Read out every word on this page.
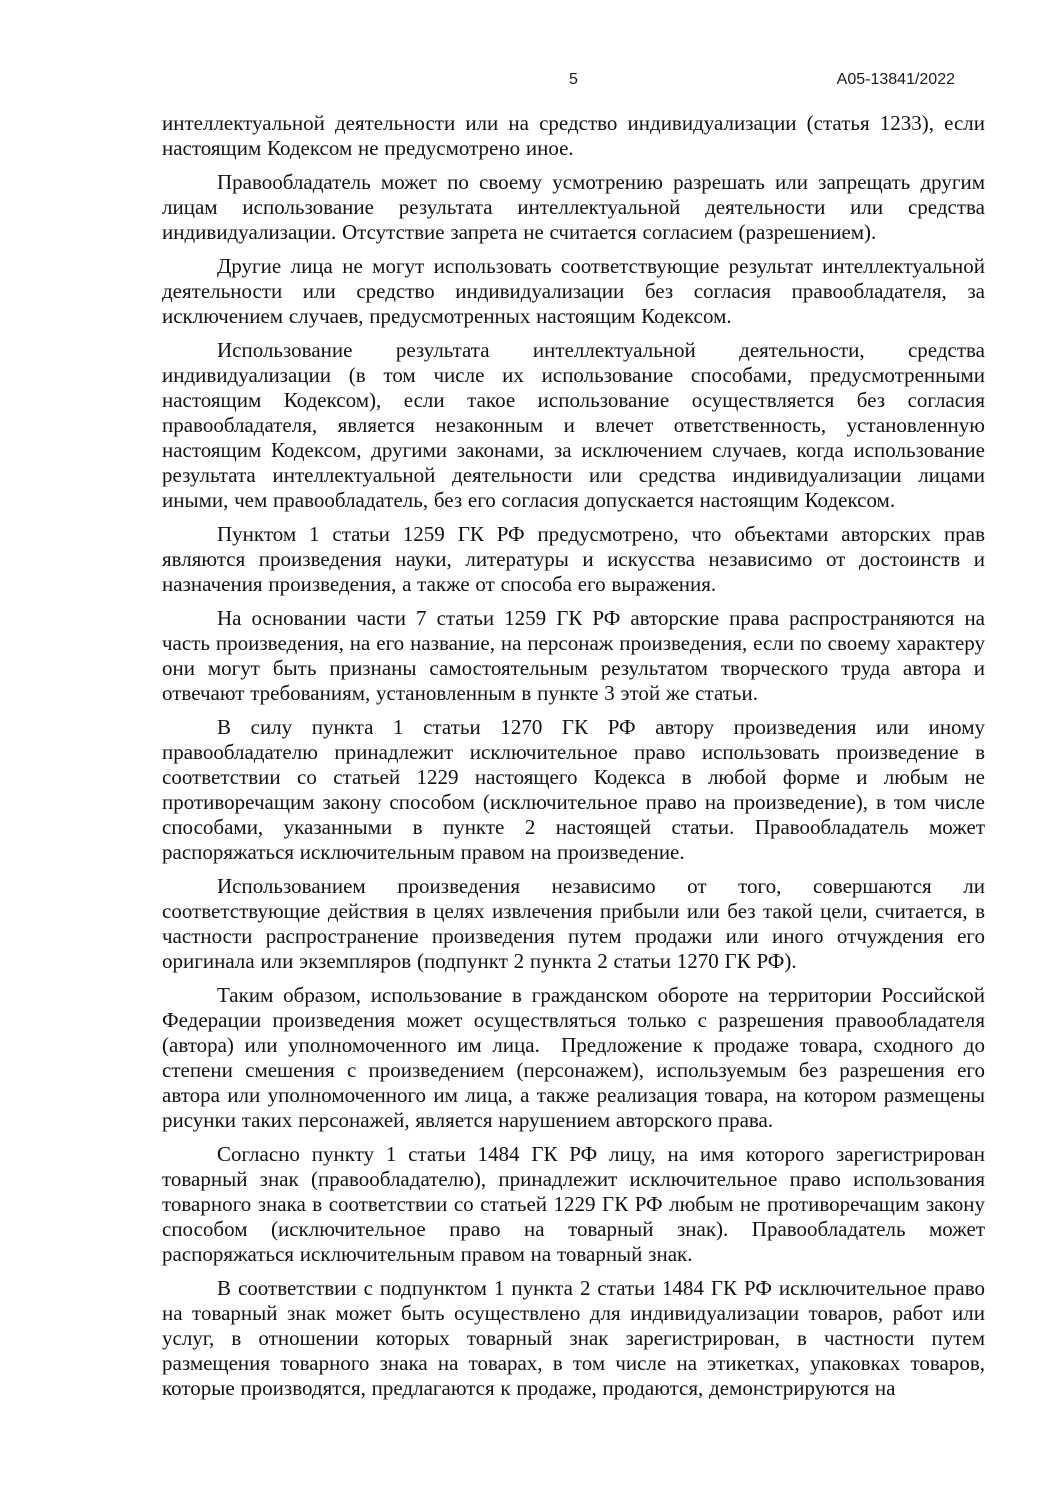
5	А05-13841/2022

интеллектуальной деятельности или на средство индивидуализации (статья 1233), если настоящим Кодексом не предусмотрено иное.

Правообладатель может по своему усмотрению разрешать или запрещать другим лицам использование результата интеллектуальной деятельности или средства индивидуализации. Отсутствие запрета не считается согласием (разрешением).

Другие лица не могут использовать соответствующие результат интеллектуальной деятельности или средство индивидуализации без согласия правообладателя, за исключением случаев, предусмотренных настоящим Кодексом.

Использование результата интеллектуальной деятельности, средства индивидуализации (в том числе их использование способами, предусмотренными настоящим Кодексом), если такое использование осуществляется без согласия правообладателя, является незаконным и влечет ответственность, установленную настоящим Кодексом, другими законами, за исключением случаев, когда использование результата интеллектуальной деятельности или средства индивидуализации лицами иными, чем правообладатель, без его согласия допускается настоящим Кодексом.

Пунктом 1 статьи 1259 ГК РФ предусмотрено, что объектами авторских прав являются произведения науки, литературы и искусства независимо от достоинств и назначения произведения, а также от способа его выражения.

На основании части 7 статьи 1259 ГК РФ авторские права распространяются на часть произведения, на его название, на персонаж произведения, если по своему характеру они могут быть признаны самостоятельным результатом творческого труда автора и отвечают требованиям, установленным в пункте 3 этой же статьи.

В силу пункта 1 статьи 1270 ГК РФ автору произведения или иному правообладателю принадлежит исключительное право использовать произведение в соответствии со статьей 1229 настоящего Кодекса в любой форме и любым не противоречащим закону способом (исключительное право на произведение), в том числе способами, указанными в пункте 2 настоящей статьи. Правообладатель может распоряжаться исключительным правом на произведение.

Использованием произведения независимо от того, совершаются ли соответствующие действия в целях извлечения прибыли или без такой цели, считается, в частности распространение произведения путем продажи или иного отчуждения его оригинала или экземпляров (подпункт 2 пункта 2 статьи 1270 ГК РФ).

Таким образом, использование в гражданском обороте на территории Российской Федерации произведения может осуществляться только с разрешения правообладателя (автора) или уполномоченного им лица.  Предложение к продаже товара, сходного до степени смешения с произведением (персонажем), используемым без разрешения его автора или уполномоченного им лица, а также реализация товара, на котором размещены рисунки таких персонажей, является нарушением авторского права.

Согласно пункту 1 статьи 1484 ГК РФ лицу, на имя которого зарегистрирован товарный знак (правообладателю), принадлежит исключительное право использования товарного знака в соответствии со статьей 1229 ГК РФ любым не противоречащим закону способом (исключительное право на товарный знак). Правообладатель может распоряжаться исключительным правом на товарный знак.

В соответствии с подпунктом 1 пункта 2 статьи 1484 ГК РФ исключительное право на товарный знак может быть осуществлено для индивидуализации товаров, работ или услуг, в отношении которых товарный знак зарегистрирован, в частности путем размещения товарного знака на товарах, в том числе на этикетках, упаковках товаров, которые производятся, предлагаются к продаже, продаются, демонстрируются на
